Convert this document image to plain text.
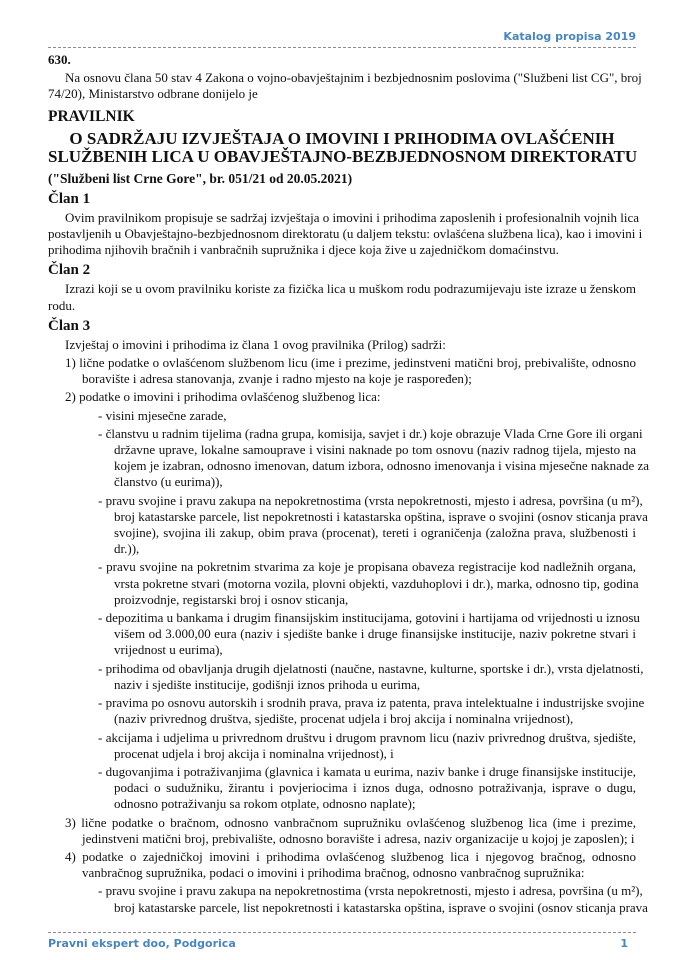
Katalog propisa 2019
630.
Na osnovu člana 50 stav 4 Zakona o vojno-obavještajnim i bezbjednosnim poslovima ("Službeni list CG", broj
74/20), Ministarstvo odbrane donijelo je
PRAVILNIK
O SADRŽAJU IZVJEŠTAJA O IMOVINI I PRIHODIMA OVLAŠĆENIH
SLUŽBENIH LICA U OBAVJEŠTAJNO-BEZBJEDNOSNOM DIREKTORATU
("Službeni list Crne Gore", br. 051/21 od 20.05.2021)
Član 1
Ovim pravilnikom propisuje se sadržaj izvještaja o imovini i prihodima zaposlenih i profesionalnih vojnih lica
postavljenih u Obavještajno-bezbjednosnom direktoratu (u daljem tekstu: ovlašćena službena lica), kao i imovini i
prihodima njihovih bračnih i vanbračnih supružnika i djece koja žive u zajedničkom domaćinstvu.
Član 2
Izrazi koji se u ovom pravilniku koriste za fizička lica u muškom rodu podrazumijevaju iste izraze u ženskom
rodu.
Član 3
Izvještaj o imovini i prihodima iz člana 1 ovog pravilnika (Prilog) sadrži:
1) lične podatke o ovlašćenom službenom licu (ime i prezime, jedinstveni matični broj, prebivalište, odnosno
boravište i adresa stanovanja, zvanje i radno mjesto na koje je raspoređen);
2) podatke o imovini i prihodima ovlašćenog službenog lica:
- visini mjesečne zarade,
- članstvu u radnim tijelima (radna grupa, komisija, savjet i dr.) koje obrazuje Vlada Crne Gore ili organi
državne uprave, lokalne samouprave i visini naknade po tom osnovu (naziv radnog tijela, mjesto na
kojem je izabran, odnosno imenovan, datum izbora, odnosno imenovanja i visina mjesečne naknade za
članstvo (u eurima)),
- pravu svojine i pravu zakupa na nepokretnostima (vrsta nepokretnosti, mjesto i adresa, površina (u m²),
broj katastarske parcele, list nepokretnosti i katastarska opština, isprave o svojini (osnov sticanja prava
svojine), svojina ili zakup, obim prava (procenat), tereti i ograničenja (založna prava, službenosti i
dr.)),
- pravu svojine na pokretnim stvarima za koje je propisana obaveza registracije kod nadležnih organa,
vrsta pokretne stvari (motorna vozila, plovni objekti, vazduhoplovi i dr.), marka, odnosno tip, godina
proizvodnje, registarski broj i osnov sticanja,
- depozitima u bankama i drugim finansijskim institucijama, gotovini i hartijama od vrijednosti u iznosu
višem od 3.000,00 eura (naziv i sjedište banke i druge finansijske institucije, naziv pokretne stvari i
vrijednost u eurima),
- prihodima od obavljanja drugih djelatnosti (naučne, nastavne, kulturne, sportske i dr.), vrsta djelatnosti,
naziv i sjedište institucije, godišnji iznos prihoda u eurima,
- pravima po osnovu autorskih i srodnih prava, prava iz patenta, prava intelektualne i industrijske svojine
(naziv privrednog društva, sjedište, procenat udjela i broj akcija i nominalna vrijednost),
- akcijama i udjelima u privrednom društvu i drugom pravnom licu (naziv privrednog društva, sjedište,
procenat udjela i broj akcija i nominalna vrijednost), i
- dugovanjima i potraživanjima (glavnica i kamata u eurima, naziv banke i druge finansijske institucije,
podaci o sudužniku, žirantu i povjeriocima i iznos duga, odnosno potraživanja, isprave o dugu,
odnosno potraživanju sa rokom otplate, odnosno naplate);
3) lične podatke o bračnom, odnosno vanbračnom supružniku ovlašćenog službenog lica (ime i prezime,
jedinstveni matični broj, prebivalište, odnosno boravište i adresa, naziv organizacije u kojoj je zaposlen); i
4) podatke o zajedničkoj imovini i prihodima ovlašćenog službenog lica i njegovog bračnog, odnosno
vanbračnog supružnika, podaci o imovini i prihodima bračnog, odnosno vanbračnog supružnika:
- pravu svojine i pravu zakupa na nepokretnostima (vrsta nepokretnosti, mjesto i adresa, površina (u m²),
broj katastarske parcele, list nepokretnosti i katastarska opština, isprave o svojini (osnov sticanja prava
Pravni ekspert doo, Podgorica	1
